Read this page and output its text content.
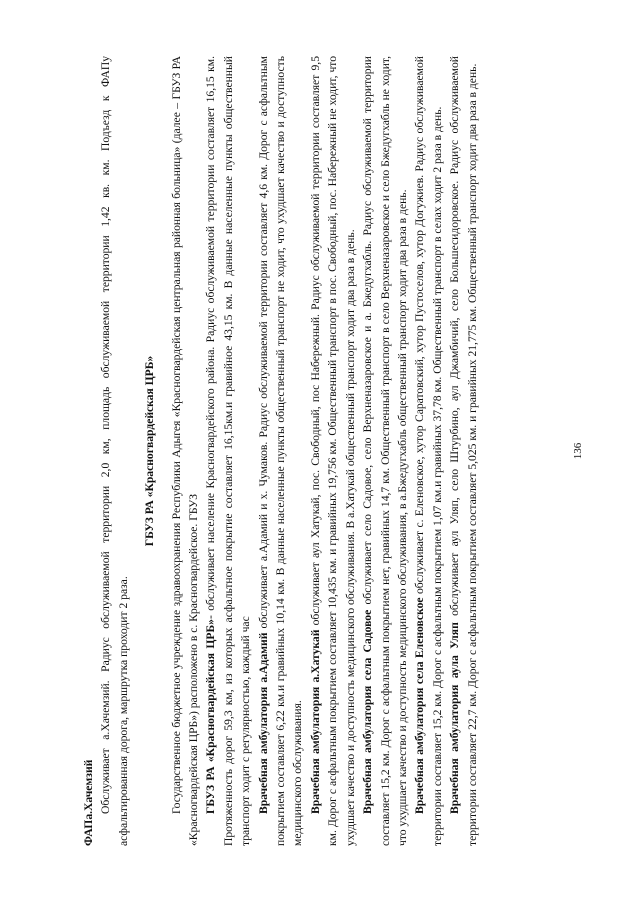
136

ФАПа.Хачемзий Обслуживает а.Хачемзий. Радиус обслуживаемой территории 2,0 км, площадь обслуживаемой территории 1,42 кв. км. Подъезд к ФАПу асфальтированная дорога, маршрутка проходит 2 раза.

ГБУЗ РА «Красногвардейская ЦРБ» Государственное бюджетное учреждение здравоохранения Республики Адыгея «Красногвардейская центральная районная больница» (далее – ГБУЗ РА «Красногвардейская ЦРБ») расположено в с. Красногвардейское. ГБУЗ ГБУЗ РА «Красногвардейская ЦРБ»- обслуживает население Красногвардейского района. Радиус обслуживаемой территории составляет 16,15 км. Протяженность дорог 59,3 км, из которых асфальтное покрытие составляет 16,15км.и гравийное 43,15 км. В данные населенные пункты общественный транспорт ходит с регулярностью, каждый час Врачебная амбулатория а.Адамий обслуживает а.Адамий и х. Чумаков. Радиус обслуживаемой территории составляет 4,6 км. Дорог с асфальтным покрытием составляет 6,22 км.и гравийных 10,14 км. В данные населенные пункты общественный транспорт не ходит, что ухудшает качество и доступность медицинского обслуживания. Врачебная амбулатория а.Хатукай обслуживает аул Хатукай, пос. Свободный, пос Набережный. Радиус обслуживаемой территории составляет 9,5 км. Дорог с асфальтным покрытием составляет 10,435 км. и гравийных 19,756 км. Общественный транспорт в пос. Свободный, пос. Набережный не ходит, что ухудшает качество и доступность медицинского обслуживания. В а.Хатукай общественный транспорт ходит два раза в день. Врачебная амбулатория села Садовое обслуживает село Садовое, село Верхненазаровское и а. Бжедугхабль. Радиус обслуживаемой территории составляет 15,2 км. Дорог с асфальтным покрытием нет, гравийных 14,7 км. Общественный транспорт в село Верхненазаровское и село Бжедугхабль не ходит, что ухудшает качество и доступность медицинского обслуживания, в а.Бжедугхабль общественный транспорт ходит два раза в день. Врачебная амбулатория села Еленовское обслуживает с. Еленовское, хутор Саратовский, хутор Пустоселов, хутор Догужиев. Радиус обслуживаемой территории составляет 15,2 км. Дорог с асфальтным покрытием 1,07 км.и гравийных 37,78 км. Общественный транспорт в селах ходит 2 раза в день. Врачебная амбулатория аула Уляп обслуживает аул Уляп, село Штурбино, аул Джамбичий, село Большесидоровское. Радиус обслуживаемой территории составляет 22,7 км. Дорог с асфальтным покрытием составляет 5,025 км. и гравийных 21,775 км. Общественный транспорт ходит два раза в день.
